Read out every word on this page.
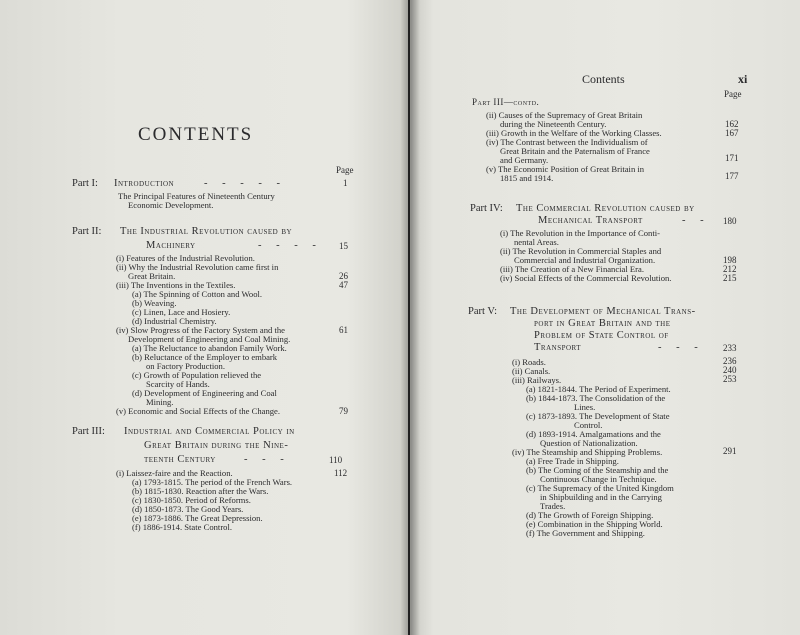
CONTENTS
Page
Part I: Introduction	- - - - -	1
The Principal Features of Nineteenth Century
Economic Development.
Part II: The Industrial Revolution caused by
Machinery	- - - - 15
(i) Features of the Industrial Revolution.
(ii) Why the Industrial Revolution came first in
Great Britain.	26
(iii) The Inventions in the Textiles.	47
(a) The Spinning of Cotton and Wool.
(b) Weaving.
(c) Linen, Lace and Hosiery.
(d) Industrial Chemistry.
(iv) Slow Progress of the Factory System and the	61
Development of Engineering and Coal Mining.
(a) The Reluctance to abandon Family Work.
(b) Reluctance of the Employer to embark
on Factory Production.
(c) Growth of Population relieved the
Scarcity of Hands.
(d) Development of Engineering and Coal
Mining.
(v) Economic and Social Effects of the Change.	79
Part III: Industrial and Commercial Policy in
Great Britain during the Nine-
teenth Century	- - -	110
(i) Laissez-faire and the Reaction.	112
(a) 1793-1815. The period of the French Wars.
(b) 1815-1830. Reaction after the Wars.
(c) 1830-1850. Period of Reforms.
(d) 1850-1873. The Good Years.
(e) 1873-1886. The Great Depression.
(f) 1886-1914. State Control.
Contents	xi
Page
Part III—contd.
(ii) Causes of the Supremacy of Great Britain
during the Nineteenth Century.	162
(iii) Growth in the Welfare of the Working Classes.	167
(iv) The Contrast between the Individualism of
Great Britain and the Paternalism of France
and Germany.	171
(v) The Economic Position of Great Britain in
1815 and 1914.	177
Part IV: The Commercial Revolution caused by
Mechanical Transport	- - 180
(i) The Revolution in the Importance of Conti-
nental Areas.
(ii) The Revolution in Commercial Staples and
Commercial and Industrial Organization.	198
(iii) The Creation of a New Financial Era.	212
(iv) Social Effects of the Commercial Revolution.	215
Part V: The Development of Mechanical Trans-
port in Great Britain and the
Problem of State Control of
Transport	- - - 233
(i) Roads.	236
(ii) Canals.	240
(iii) Railways.	253
(a) 1821-1844. The Period of Experiment.
(b) 1844-1873. The Consolidation of the
Lines.
(c) 1873-1893. The Development of State
Control.
(d) 1893-1914. Amalgamations and the
Question of Nationalization.
(iv) The Steamship and Shipping Problems.	291
(a) Free Trade in Shipping.
(b) The Coming of the Steamship and the
Continuous Change in Technique.
(c) The Supremacy of the United Kingdom
in Shipbuilding and in the Carrying
Trades.
(d) The Growth of Foreign Shipping.
(e) Combination in the Shipping World.
(f) The Government and Shipping.
